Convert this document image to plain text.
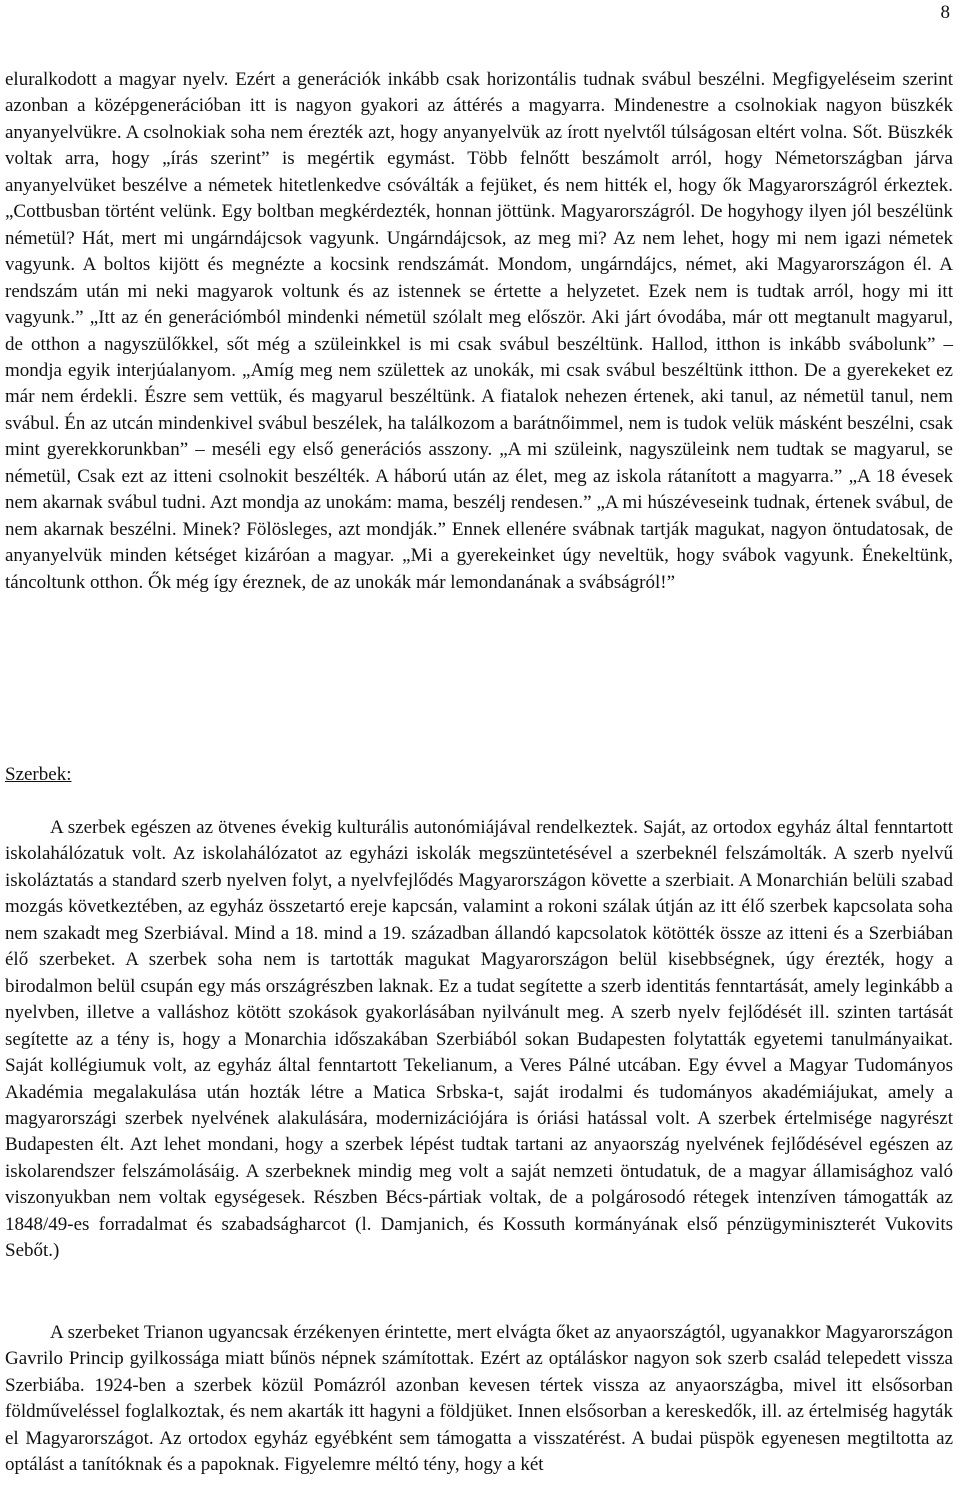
8

eluralkodott a magyar nyelv. Ezért a generációk inkább csak horizontális tudnak svábul beszélni. Megfigyeléseim szerint azonban a középgenerációban itt is nagyon gyakori az áttérés a magyarra. Mindenestre a csolnokiak nagyon büszkék anyanyelvükre. A csolnokiak soha nem érezték azt, hogy anyanyelvük az írott nyelvtől túlságosan eltért volna. Sőt. Büszkék voltak arra, hogy „írás szerint” is megértik egymást. Több felnőtt beszámolt arról, hogy Németországban járva anyanyelvüket beszélve a németek hitetlenkedve csóválták a fejüket, és nem hitték el, hogy ők Magyarországról érkeztek. „Cottbusban történt velünk. Egy boltban megkérdezték, honnan jöttünk. Magyarországról. De hogyhogy ilyen jól beszélünk németül? Hát, mert mi ungárndájcsok vagyunk. Ungárndájcsok, az meg mi? Az nem lehet, hogy mi nem igazi németek vagyunk. A boltos kijött és megnézte a kocsink rendszámát. Mondom, ungárndájcs, német, aki Magyarországon él. A rendszám után mi neki magyarok voltunk és az istennek se értette a helyzetet. Ezek nem is tudtak arról, hogy mi itt vagyunk.” „Itt az én generációmból mindenki németül szólalt meg először. Aki járt óvodába, már ott megtanult magyarul, de otthon a nagyszülőkkel, sőt még a szüleinkkel is mi csak svábul beszéltünk. Hallod, itthon is inkább svábolunk” – mondja egyik interjúalanyom. „Amíg meg nem születtek az unokák, mi csak svábul beszéltünk itthon. De a gyerekeket ez már nem érdekli. Észre sem vettük, és magyarul beszéltünk. A fiatalok nehezen értenek, aki tanul, az németül tanul, nem svábul. Én az utcán mindenkivel svábul beszélek, ha találkozom a barátnőimmel, nem is tudok velük másként beszélni, csak mint gyerekkorunkban” – meséli egy első generációs asszony. „A mi szüleink, nagyszüleink nem tudtak se magyarul, se németül, Csak ezt az itteni csolnokit beszélték. A háború után az élet, meg az iskola rátanított a magyarra.” „A 18 évesek nem akarnak svábul tudni. Azt mondja az unokám: mama, beszélj rendesen.” „A mi húszéveseink tudnak, értenek svábul, de nem akarnak beszélni. Minek? Fölösleges, azt mondják.” Ennek ellenére svábnak tartják magukat, nagyon öntudatosak, de anyanyelvük minden kétséget kizáróan a magyar. „Mi a gyerekeinket úgy neveltük, hogy svábok vagyunk. Énekeltünk, táncoltunk otthon. Ők még így éreznek, de az unokák már lemondanának a svábságról!”

Szerbek:

A szerbek egészen az ötvenes évekig kulturális autonómiájával rendelkeztek. Saját, az ortodox egyház által fenntartott iskolahálózatuk volt. Az iskolahálózatot az egyházi iskolák megszüntetésével a szerbeknél felszámolták. A szerb nyelvű iskoláztatás a standard szerb nyelven folyt, a nyelvfejlődés Magyarországon követte a szerbiait. A Monarchián belüli szabad mozgás következtében, az egyház összetartó ereje kapcsán, valamint a rokoni szálak útján az itt élő szerbek kapcsolata soha nem szakadt meg Szerbiával. Mind a 18. mind a 19. században állandó kapcsolatok kötötték össze az itteni és a Szerbiában élő szerbeket. A szerbek soha nem is tartották magukat Magyarországon belül kisebbségnek, úgy érezték, hogy a birodalmon belül csupán egy más országrészben laknak. Ez a tudat segítette a szerb identitás fenntartását, amely leginkább a nyelvben, illetve a valláshoz kötött szokások gyakorlásában nyilvánult meg. A szerb nyelv fejlődését ill. szinten tartását segítette az a tény is, hogy a Monarchia időszakában Szerbiából sokan Budapesten folytatták egyetemi tanulmányaikat. Saját kollégiumuk volt, az egyház által fenntartott Tekelianum, a Veres Pálné utcában. Egy évvel a Magyar Tudományos Akadémia megalakulása után hozták létre a Matica Srbska-t, saját irodalmi és tudományos akadémiájukat, amely a magyarországi szerbek nyelvének alakulására, modernizációjára is óriási hatással volt. A szerbek értelmisége nagyrészt Budapesten élt. Azt lehet mondani, hogy a szerbek lépést tudtak tartani az anyaország nyelvének fejlődésével egészen az iskolarendszer felszámolásáig. A szerbeknek mindig meg volt a saját nemzeti öntudatuk, de a magyar államisághoz való viszonyukban nem voltak egységesek. Részben Bécs-pártiak voltak, de a polgárosodó rétegek intenzíven támogatták az 1848/49-es forradalmat és szabadságharcot (l. Damjanich, és Kossuth kormányának első pénzügyminiszterét Vukovits Sebőt.)

A szerbeket Trianon ugyancsak érzékenyen érintette, mert elvágta őket az anyaországtól, ugyanakkor Magyarországon Gavrilo Princip gyilkossága miatt bűnös népnek számítottak. Ezért az optáláskor nagyon sok szerb család telepedett vissza Szerbiába. 1924-ben a szerbek közül Pomázról azonban kevesen tértek vissza az anyaországba, mivel itt elsősorban földműveléssel foglalkoztak, és nem akarták itt hagyni a földjüket. Innen elsősorban a kereskedők, ill. az értelmiség hagyták el Magyarországot. Az ortodox egyház egyébként sem támogatta a visszatérést. A budai püspök egyenesen megtiltotta az optálást a tanítóknak és a papoknak. Figyelemre méltó tény, hogy a két
